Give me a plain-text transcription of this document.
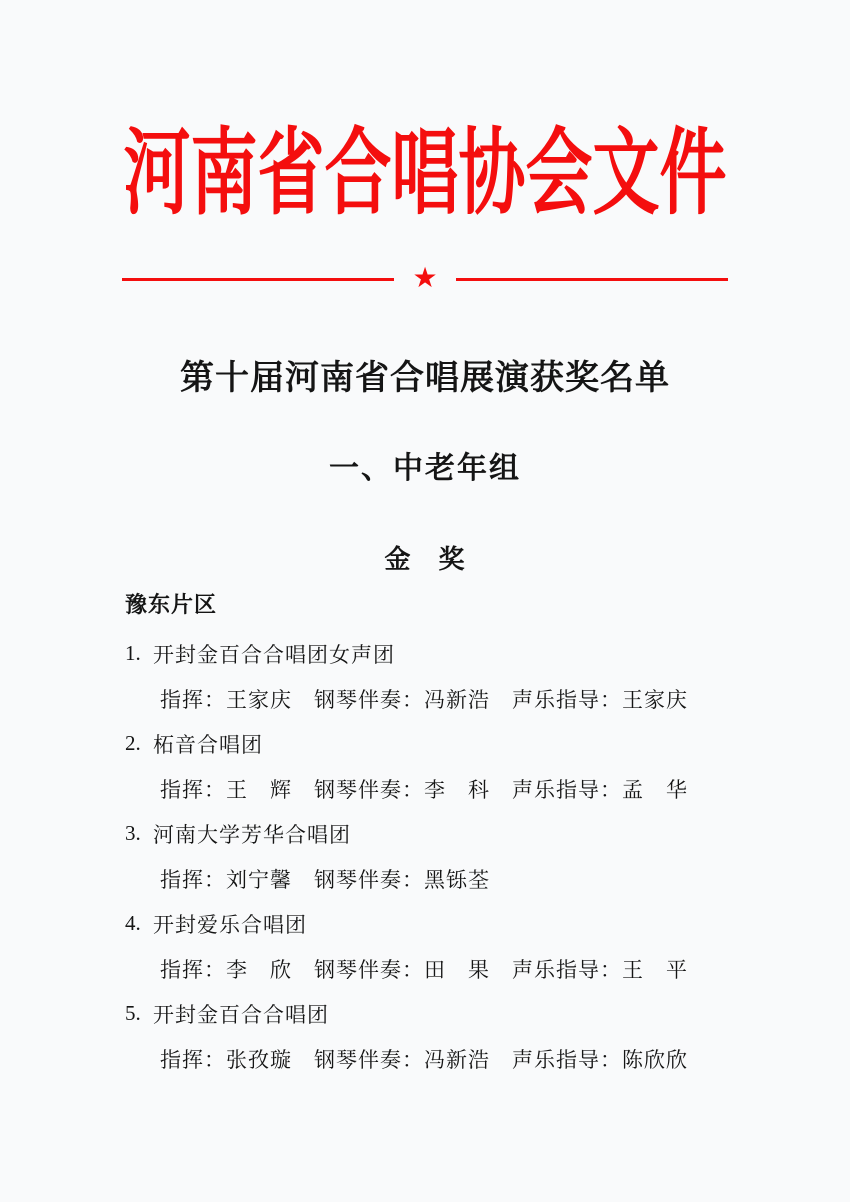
河南省合唱协会文件
★
第十届河南省合唱展演获奖名单
一、中老年组
金　奖
豫东片区
1. 开封金百合合唱团女声团
指挥：王家庆　钢琴伴奏：冯新浩　声乐指导：王家庆
2. 柘音合唱团
指挥：王　辉　钢琴伴奏：李　科　声乐指导：孟　华
3. 河南大学芳华合唱团
指挥：刘宁馨　钢琴伴奏：黑铄荃
4. 开封爱乐合唱团
指挥：李　欣　钢琴伴奏：田　果　声乐指导：王　平
5. 开封金百合合唱团
指挥：张孜璇　钢琴伴奏：冯新浩　声乐指导：陈欣欣
